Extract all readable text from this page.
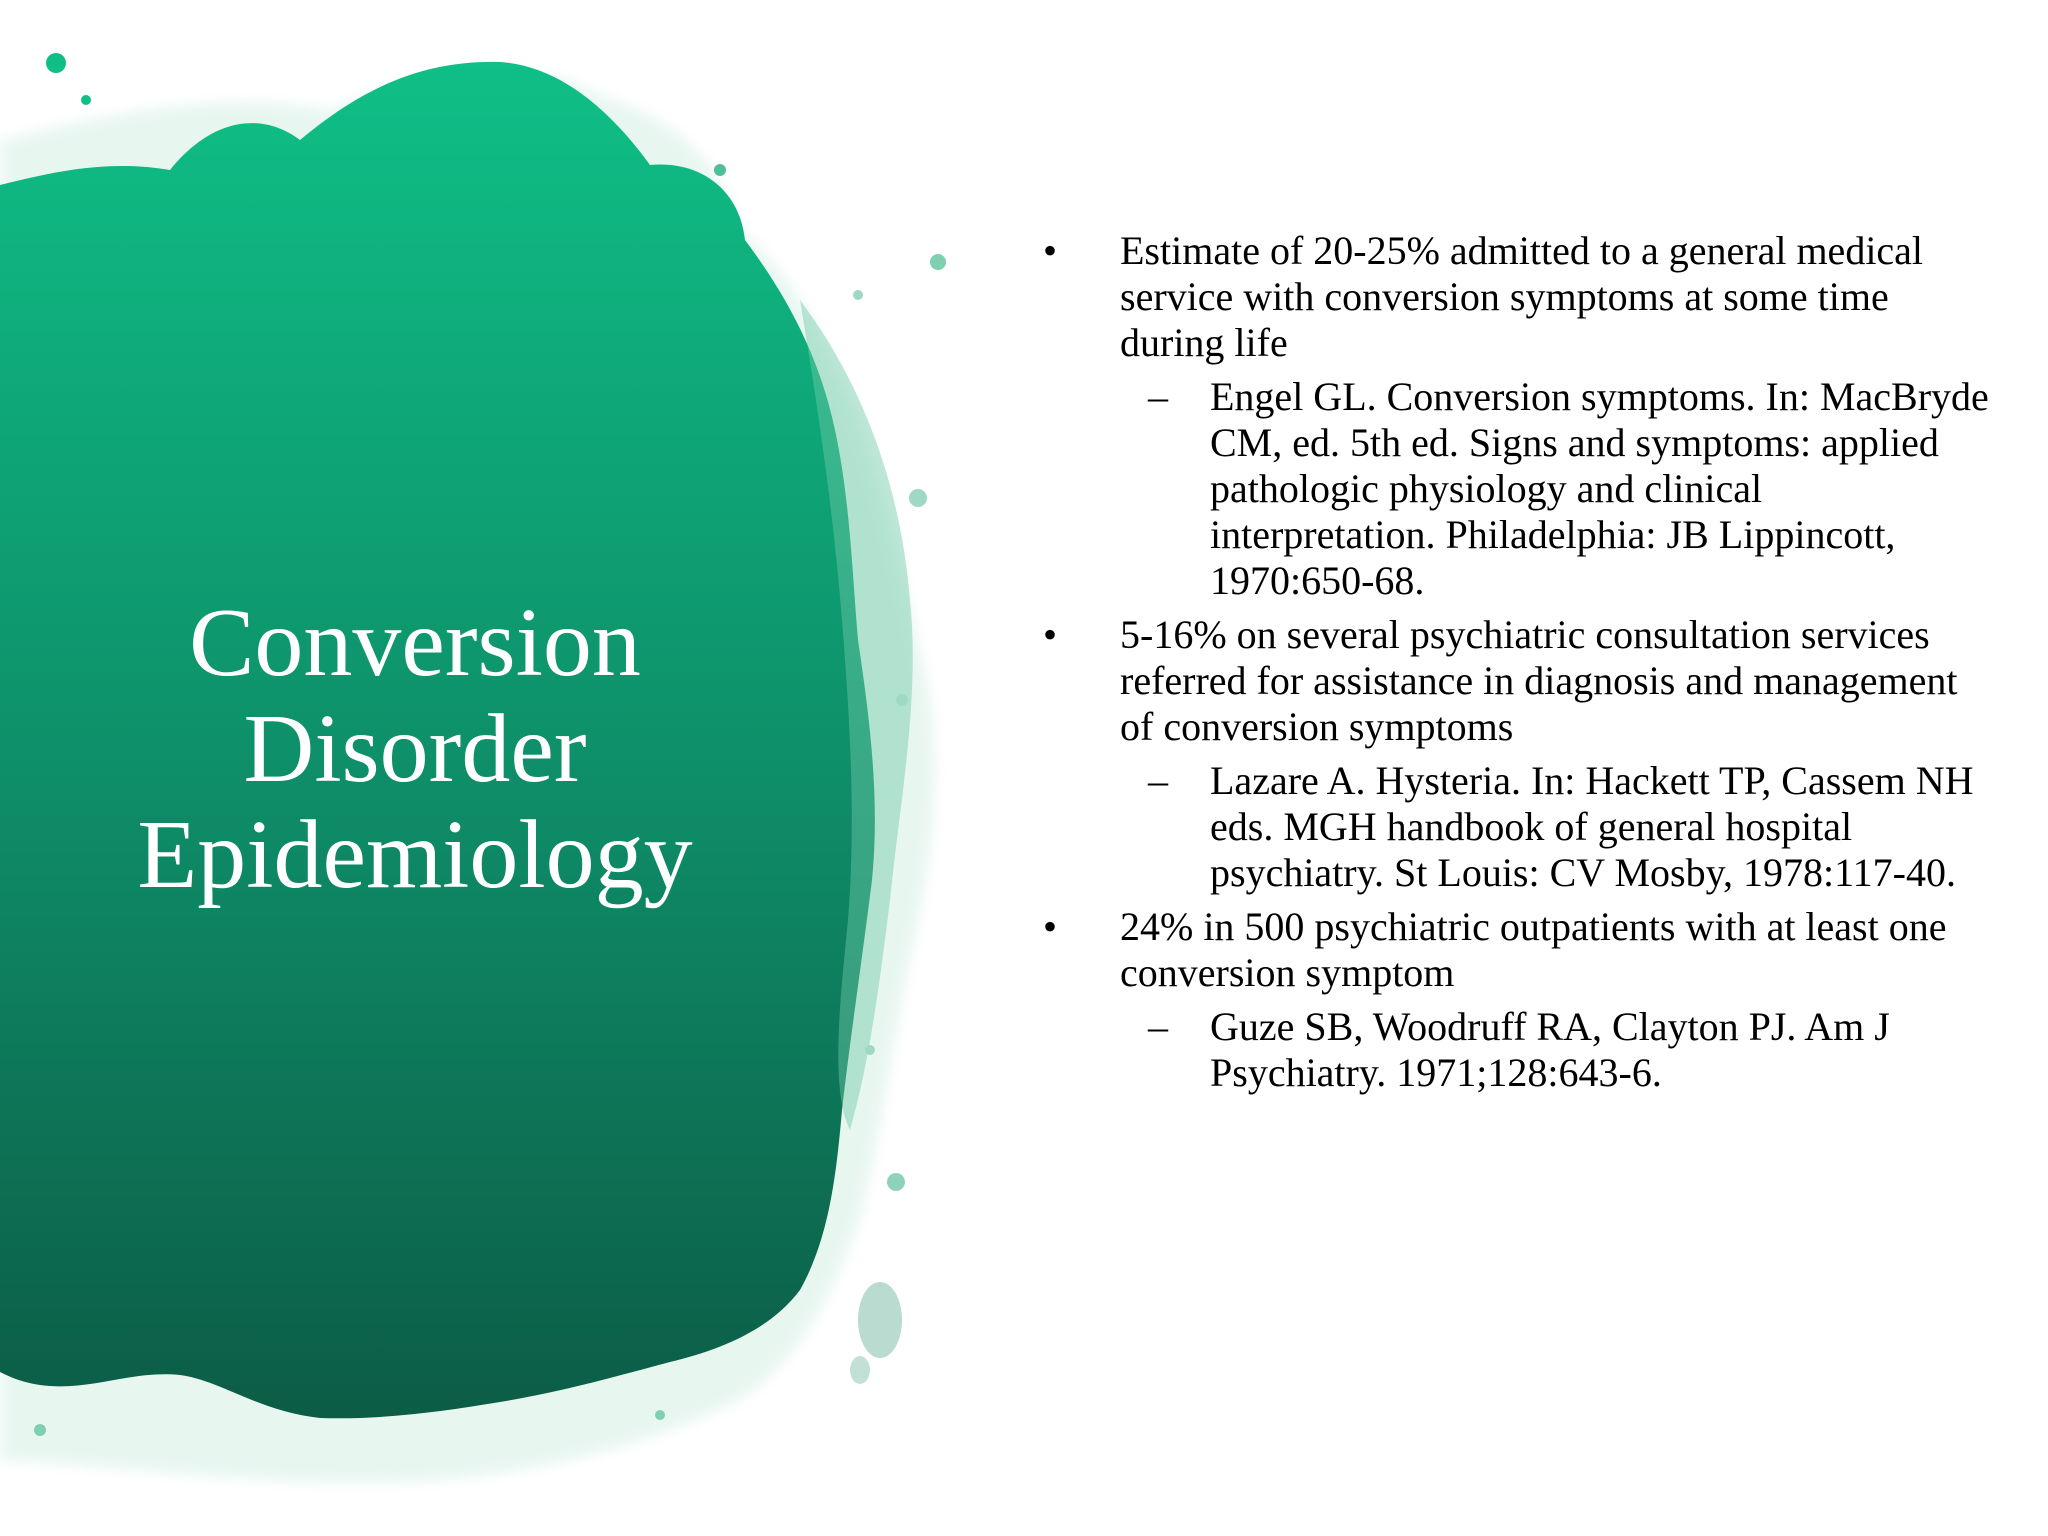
Conversion
Disorder
Epidemiology
•	Estimate of 20-25% admitted to a general medical service with conversion symptoms at some time during life
– Engel GL. Conversion symptoms. In: MacBryde CM, ed. 5th ed. Signs and symptoms: applied pathologic physiology and clinical interpretation. Philadelphia: JB Lippincott, 1970:650-68.
•	5-16% on several psychiatric consultation services referred for assistance in diagnosis and management of conversion symptoms
– Lazare A. Hysteria. In: Hackett TP, Cassem NH eds. MGH handbook of general hospital psychiatry. St Louis: CV Mosby, 1978:117-40.
•	24% in 500 psychiatric outpatients with at least one conversion symptom
– Guze SB, Woodruff RA, Clayton PJ. Am J Psychiatry. 1971;128:643-6.
